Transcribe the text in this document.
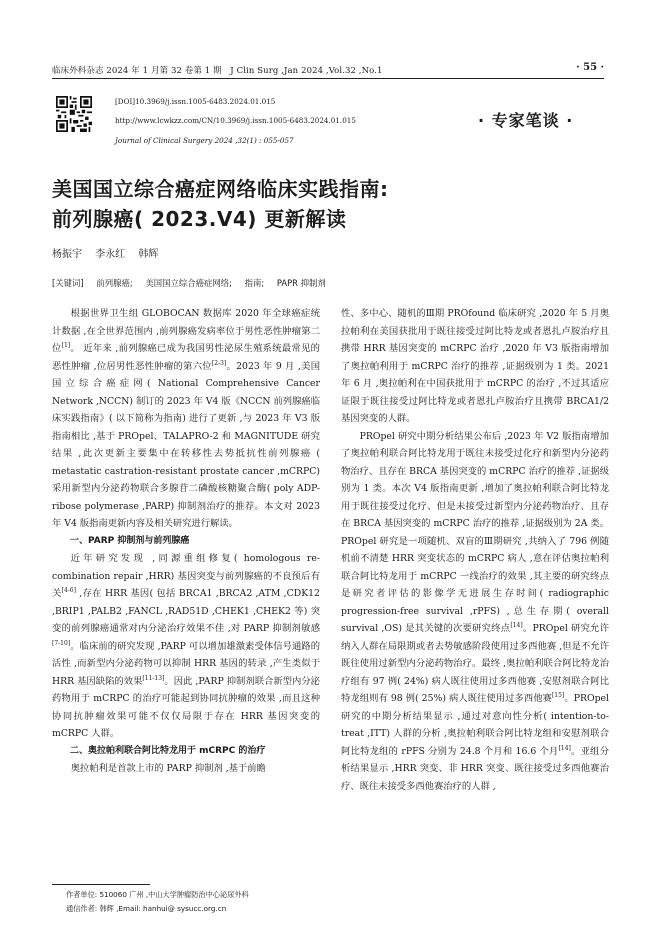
临床外科杂志 2024 年 1 月第 32 卷第 1 期　J Clin Surg ,Jan 2024 ,Vol.32 ,No.1	· 55 ·
[DOI]10.3969/j.issn.1005-6483.2024.01.015
http://www.lcwkzz.com/CN/10.3969/j.issn.1005-6483.2024.01.015
Journal of Clinical Surgery 2024 ,32(1) : 055-057
· 专家笔谈 ·
美国国立综合癌症网络临床实践指南:
前列腺癌( 2023.V4) 更新解读
杨振宇 李永红 韩辉
[关键词] 前列腺癌; 美国国立综合癌症网络; 指南; PAPR 抑制剂

根据世界卫生组 GLOBOCAN 数据库 2020 年全球癌症统计数据 ,在全世界范围内 ,前列腺癌发病率位于男性恶性肿瘤第二位[1]。 近年来 ,前列腺癌已成为我国男性泌尿生殖系统最常见的恶性肿瘤 ,位居男性恶性肿瘤的第六位[2-3]。2023 年 9 月 ,美国国立综合癌症网( National Comprehensive Cancer Network ,NCCN) 制订的 2023 年 V4 版《NCCN 前列腺癌临床实践指南》( 以下简称为指南) 进行了更新 ,与 2023 年 V3 版指南相比 ,基于 PROpel、TALAPRO-2 和 MAGNITUDE 研究结果 ,此次更新主要集中在转移性去势抵抗性前列腺癌 ( metastatic castration-resistant prostate cancer ,mCRPC) 采用新型内分泌药物联合多腺苷二磷酸核糖聚合酶( poly ADP-ribose polymerase ,PARP) 抑制剂治疗的推荐。本文对 2023 年 V4 版指南更新内容及相关研究进行解读。

一、PARP 抑制剂与前列腺癌

近年研究发现 ,同源重组修复( homologous re-combination repair ,HRR) 基因突变与前列腺癌的不良预后有关[4-6] ,存在 HRR 基因( 包括 BRCA1 ,BRCA2 ,ATM ,CDK12 ,BRIP1 ,PALB2 ,FANCL ,RAD51D ,CHEK1 ,CHEK2 等) 突变的前列腺癌通常对内分泌治疗效果不佳 ,对 PARP 抑制剂敏感[7-10]。临床前的研究发现 ,PARP 可以增加雄激素受体信号通路的活性 ,而新型内分泌药物可以抑制 HRR 基因的转录 ,产生类似于 HRR 基因缺陷的效果[11-13]。因此 ,PARP 抑制剂联合新型内分泌药物用于 mCRPC 的治疗可能起到协同抗肿瘤的效果 ,而且这种协同抗肿瘤效果可能不仅仅局限于存在 HRR 基因突变的 mCRPC 人群。

二、奥拉帕利联合阿比特龙用于 mCRPC 的治疗

奥拉帕利是首款上市的 PARP 抑制剂 ,基于前瞻

性、多中心、随机的Ⅲ期 PROfound 临床研究 ,2020 年 5 月奥拉帕利在美国获批用于既往接受过阿比特龙或者恩扎卢胺治疗且携带 HRR 基因突变的 mCRPC 治疗 ,2020 年 V3 版指南增加了奥拉帕利用于 mCRPC 治疗的推荐 ,证据级别为 1 类。2021 年 6 月 ,奥拉帕利在中国获批用于 mCRPC 的治疗 ,不过其适应证限于既往接受过阿比特龙或者恩扎卢胺治疗且携带 BRCA1/2基因突变的人群。

PROpel 研究中期分析结果公布后 ,2023 年 V2 版指南增加了奥拉帕利联合阿比特龙用于既往未接受过化疗和新型内分泌药物治疗、且存在 BRCA 基因突变的 mCRPC 治疗的推荐 ,证据级别为 1 类。本次 V4 版指南更新 ,增加了奥拉帕利联合阿比特龙用于既往接受过化疗、但是未接受过新型内分泌药物治疗、且存在 BRCA 基因突变的 mCRPC 治疗的推荐 ,证据级别为 2A 类。PROpel 研究是一项随机、双盲的Ⅲ期研究 ,共纳入了 796 例随机前不清楚 HRR 突变状态的 mCRPC 病人 ,意在评估奥拉帕利联合阿比特龙用于 mCRPC 一线治疗的效果 ,其主要的研究终点是研究者评估的影像学无进展生存时间( radiographic progression-free survival ,rPFS) ,总生存期( overall survival ,OS) 是其关键的次要研究终点[14]。PROpel 研究允许纳入人群在局限期或者去势敏感阶段使用过多西他赛 ,但是不允许既往使用过新型内分泌药物治疗。最终 ,奥拉帕利联合阿比特龙治疗组有 97 例( 24%) 病人既往使用过多西他赛 ,安慰剂联合阿比特龙组则有 98 例( 25%) 病人既往使用过多西他赛[15]。PROpel 研究的中期分析结果显示 ,通过对意向性分析( intention-to-treat ,ITT) 人群的分析 ,奥拉帕利联合阿比特龙组和安慰剂联合阿比特龙组的 rPFS 分别为 24.8 个月和 16.6 个月[14]。亚组分析结果显示 ,HRR 突变、非 HRR 突变、既往接受过多西他赛治疗、既往未接受多西他赛治疗的人群 ,

作者单位: 510060 广州 ,中山大学肿瘤防治中心泌尿外科
通信作者: 韩辉 ,Email: hanhui@ sysucc.org.cn
